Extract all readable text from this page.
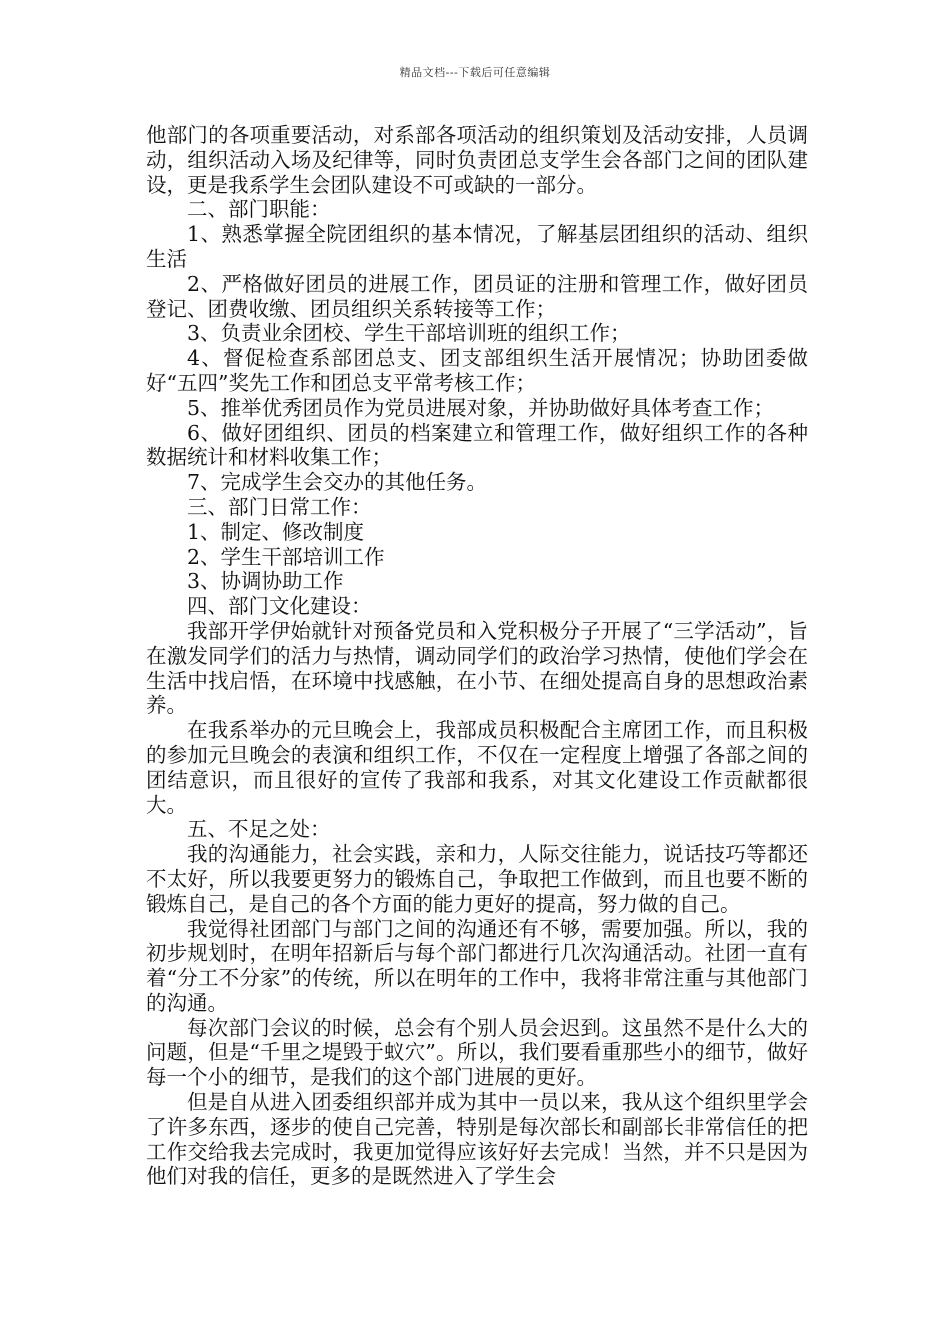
精品文档---下载后可任意编辑

他部门的各项重要活动，对系部各项活动的组织策划及活动安排，人员调动，组织活动入场及纪律等，同时负责团总支学生会各部门之间的团队建设，更是我系学生会团队建设不可或缺的一部分。

二、部门职能：

1、熟悉掌握全院团组织的基本情况，了解基层团组织的活动、组织生活

2、严格做好团员的进展工作，团员证的注册和管理工作，做好团员登记、团费收缴、团员组织关系转接等工作；

3、负责业余团校、学生干部培训班的组织工作；

4、督促检查系部团总支、团支部组织生活开展情况；协助团委做好“五四”奖先工作和团总支平常考核工作；

5、推举优秀团员作为党员进展对象，并协助做好具体考查工作；

6、做好团组织、团员的档案建立和管理工作，做好组织工作的各种数据统计和材料收集工作；

7、完成学生会交办的其他任务。

三、部门日常工作：

1、制定、修改制度

2、学生干部培训工作

3、协调协助工作

四、部门文化建设：

我部开学伊始就针对预备党员和入党积极分子开展了“三学活动”，旨在激发同学们的活力与热情，调动同学们的政治学习热情，使他们学会在生活中找启悟，在环境中找感触，在小节、在细处提高自身的思想政治素养。

在我系举办的元旦晚会上，我部成员积极配合主席团工作，而且积极的参加元旦晚会的表演和组织工作，不仅在一定程度上增强了各部之间的团结意识，而且很好的宣传了我部和我系，对其文化建设工作贡献都很大。

五、不足之处：

我的沟通能力，社会实践，亲和力，人际交往能力，说话技巧等都还不太好，所以我要更努力的锻炼自己，争取把工作做到，而且也要不断的锻炼自己，是自己的各个方面的能力更好的提高，努力做的自己。

我觉得社团部门与部门之间的沟通还有不够，需要加强。所以，我的初步规划时，在明年招新后与每个部门都进行几次沟通活动。社团一直有着“分工不分家”的传统，所以在明年的工作中，我将非常注重与其他部门的沟通。

每次部门会议的时候，总会有个别人员会迟到。这虽然不是什么大的问题，但是“千里之堤毁于蚁穴”。所以，我们要看重那些小的细节，做好每一个小的细节，是我们的这个部门进展的更好。

但是自从进入团委组织部并成为其中一员以来，我从这个组织里学会了许多东西，逐步的使自己完善，特别是每次部长和副部长非常信任的把工作交给我去完成时，我更加觉得应该好好去完成！当然，并不只是因为他们对我的信任，更多的是既然进入了学生会
